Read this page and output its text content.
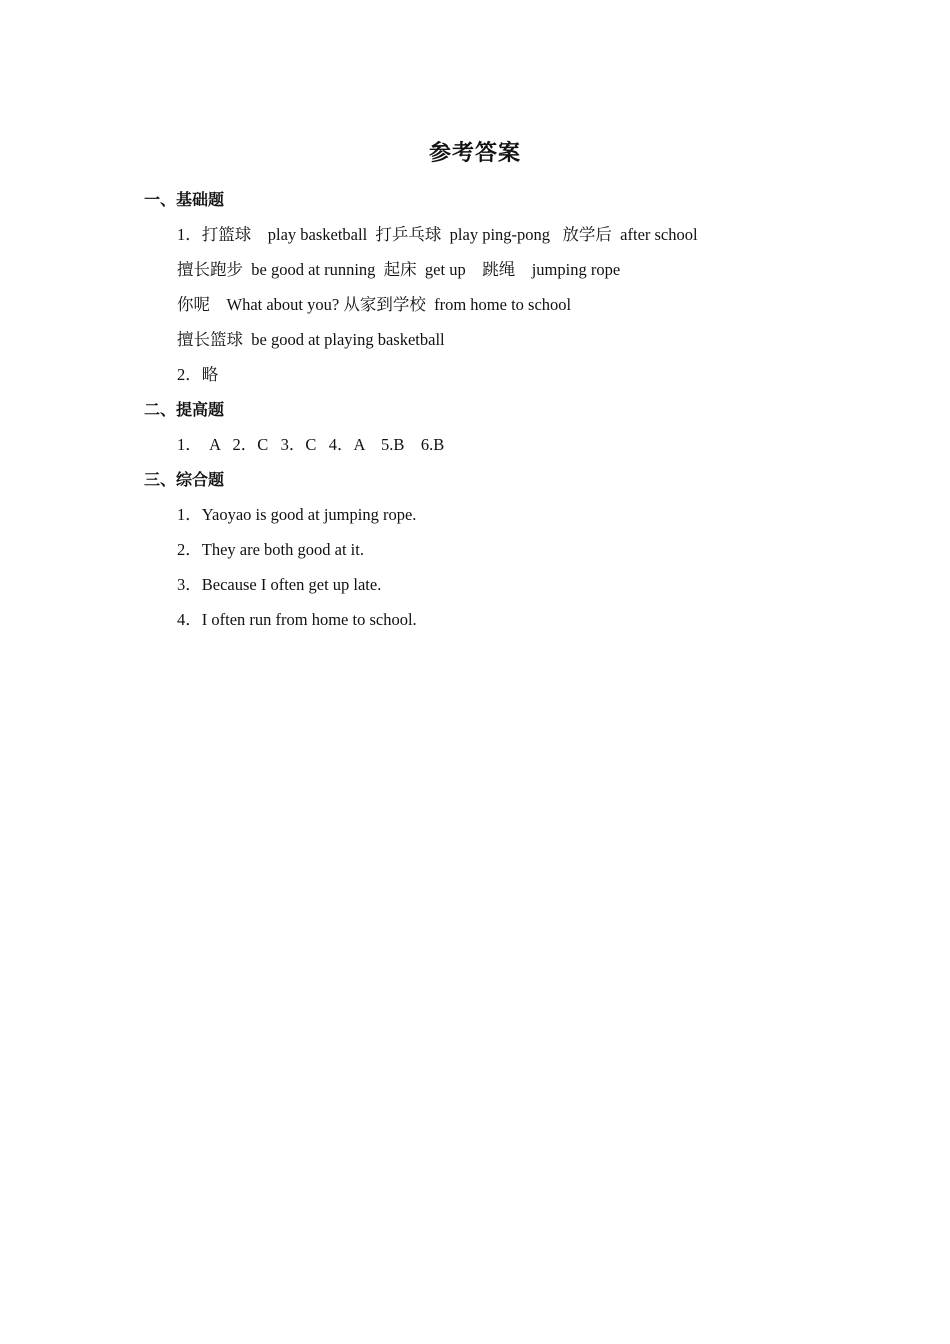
参考答案
一、基础题
1．打篮球    play basketball  打乒乓球  play ping-pong   放学后  after school
擅长跑步  be good at running  起床  get up    跳绳    jumping rope
你呢    What about you? 从家到学校  from home to school
擅长篮球  be good at playing basketball
2．略
二、提高题
1．  A   2．C   3．C   4．A    5.B    6.B
三、综合题
1．Yaoyao is good at jumping rope.
2．They are both good at it.
3．Because I often get up late.
4．I often run from home to school.
